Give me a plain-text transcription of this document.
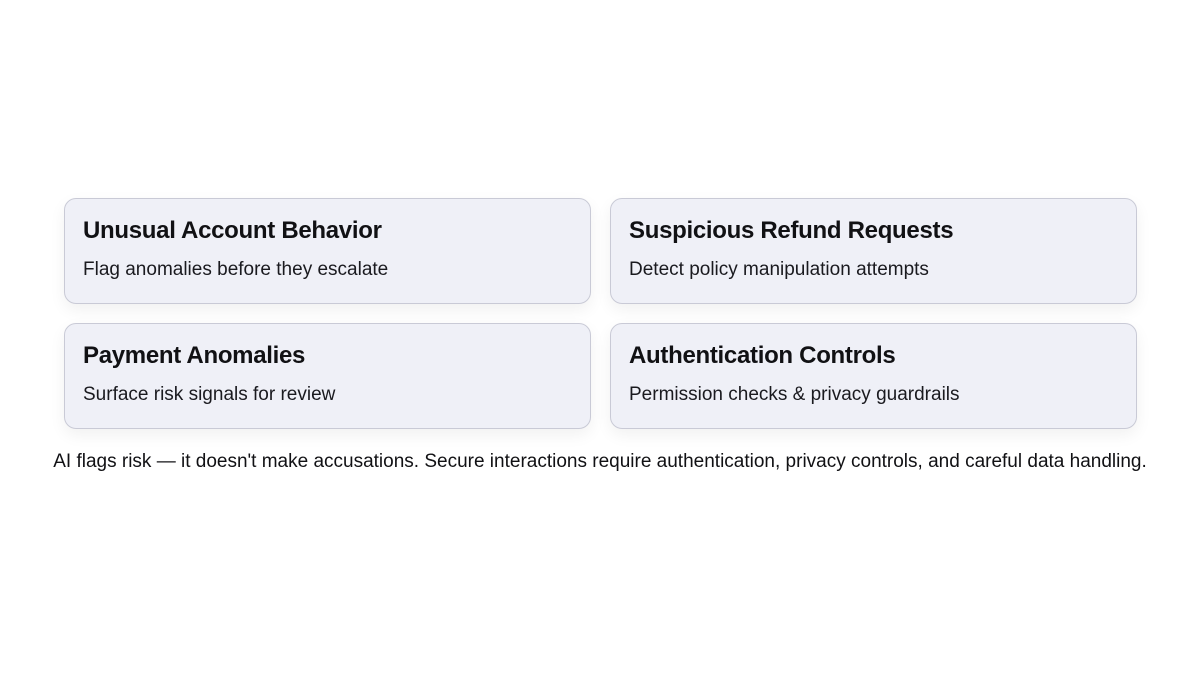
Unusual Account Behavior
Flag anomalies before they escalate
Suspicious Refund Requests
Detect policy manipulation attempts
Payment Anomalies
Surface risk signals for review
Authentication Controls
Permission checks & privacy guardrails
AI flags risk — it doesn't make accusations. Secure interactions require authentication, privacy controls, and careful data handling.
